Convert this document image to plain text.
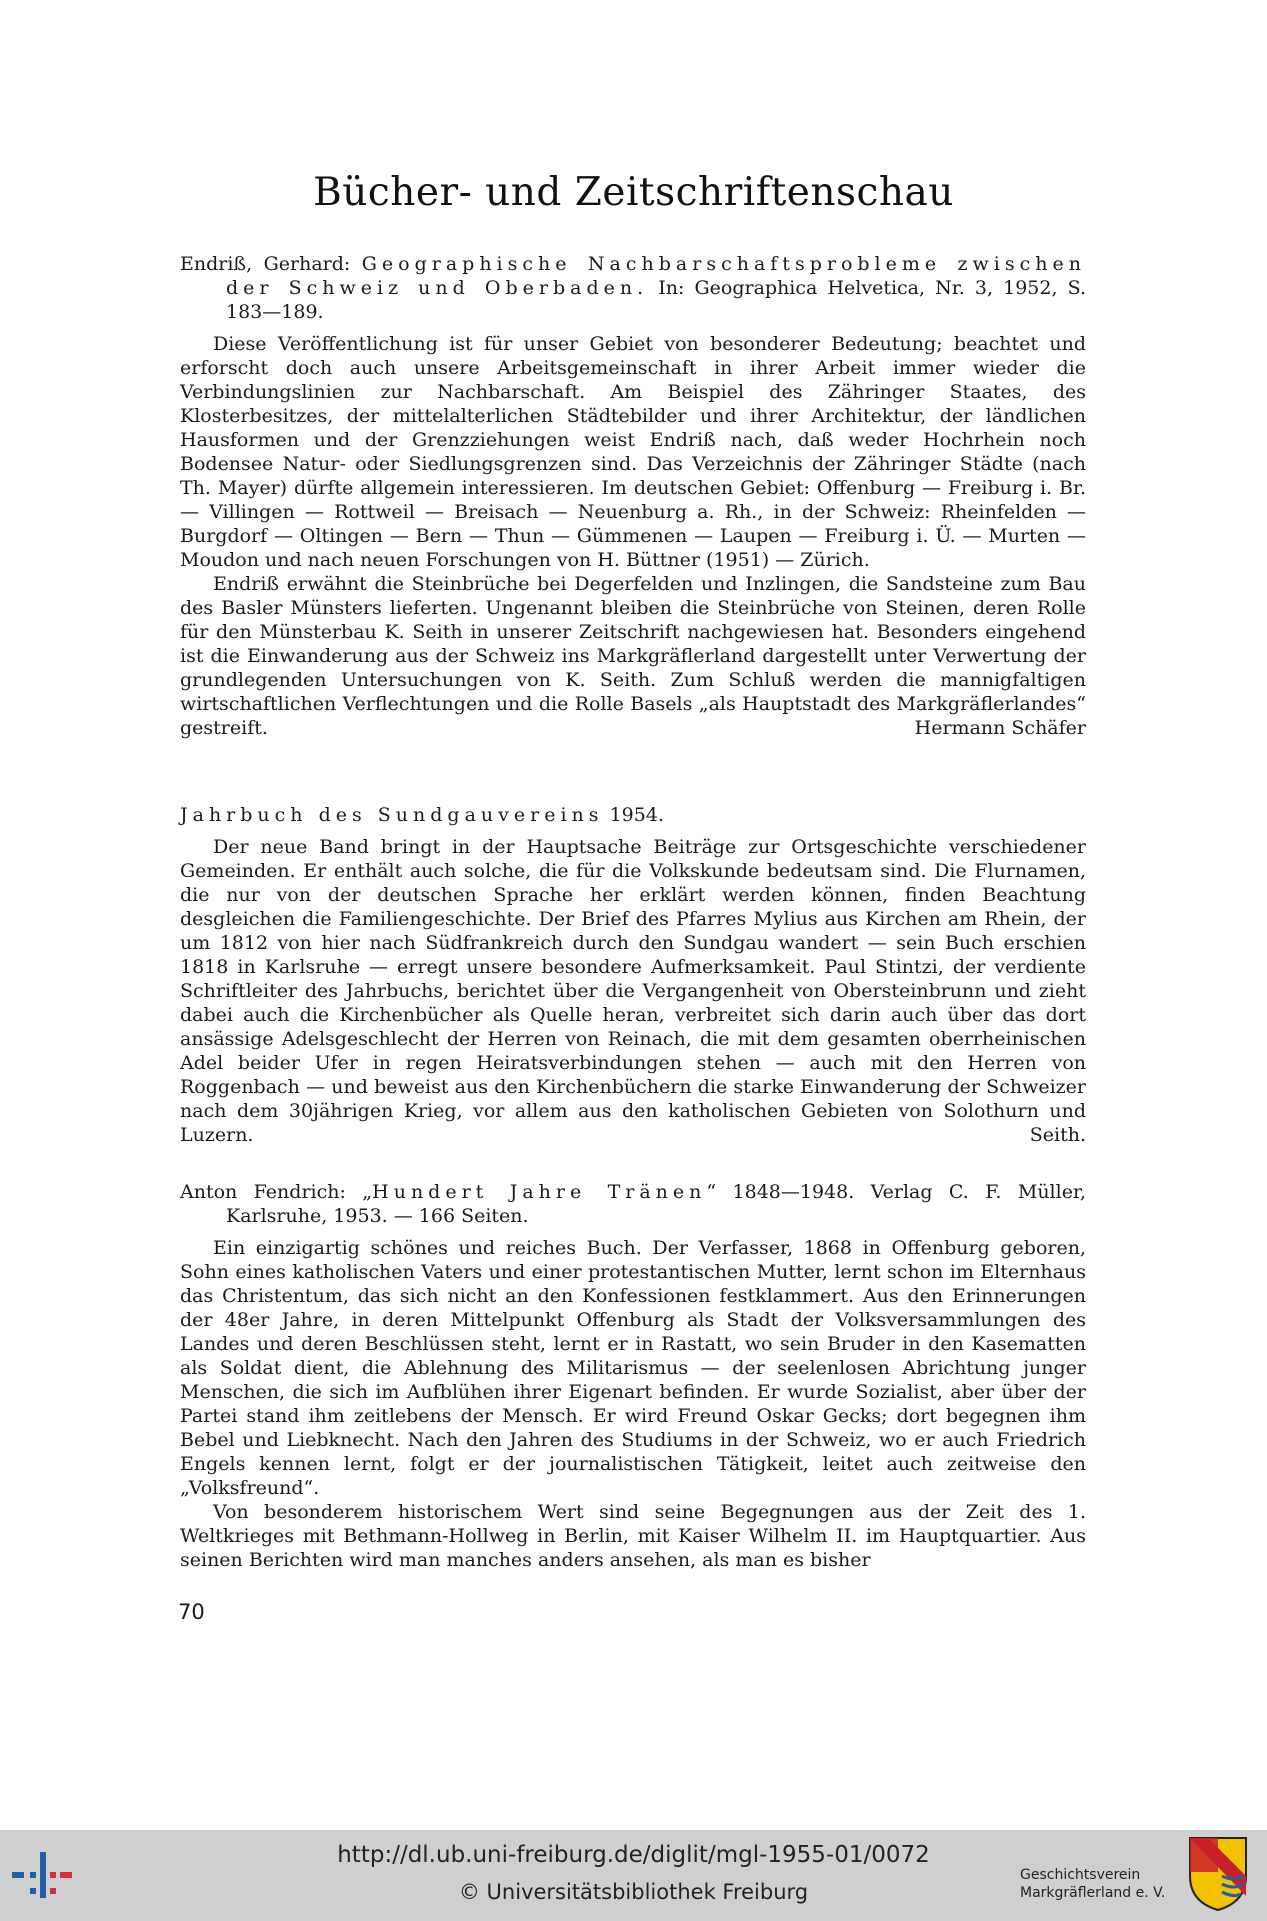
Bücher- und Zeitschriftenschau

Endriß, Gerhard: Geographische Nachbarschaftsprobleme zwischen der Schweiz und Oberbaden. In: Geographica Helvetica, Nr. 3, 1952, S. 183—189.

Diese Veröffentlichung ist für unser Gebiet von besonderer Bedeutung; beachtet und erforscht doch auch unsere Arbeitsgemeinschaft in ihrer Arbeit immer wieder die Verbindungslinien zur Nachbarschaft. Am Beispiel des Zähringer Staates, des Klosterbesitzes, der mittelalterlichen Städtebilder und ihrer Architektur, der ländlichen Hausformen und der Grenzziehungen weist Endriß nach, daß weder Hochrhein noch Bodensee Natur- oder Siedlungsgrenzen sind. Das Verzeichnis der Zähringer Städte (nach Th. Mayer) dürfte allgemein interessieren. Im deutschen Gebiet: Offenburg — Freiburg i. Br. — Villingen — Rottweil — Breisach — Neuenburg a. Rh., in der Schweiz: Rheinfelden — Burgdorf — Oltingen — Bern — Thun — Gümmenen — Laupen — Freiburg i. Ü. — Murten — Moudon und nach neuen Forschungen von H. Büttner (1951) — Zürich.

Endriß erwähnt die Steinbrüche bei Degerfelden und Inzlingen, die Sandsteine zum Bau des Basler Münsters lieferten. Ungenannt bleiben die Steinbrüche von Steinen, deren Rolle für den Münsterbau K. Seith in unserer Zeitschrift nachgewiesen hat. Besonders eingehend ist die Einwanderung aus der Schweiz ins Markgräflerland dargestellt unter Verwertung der grundlegenden Untersuchungen von K. Seith. Zum Schluß werden die mannigfaltigen wirtschaftlichen Verflechtungen und die Rolle Basels „als Hauptstadt des Markgräflerlandes“ gestreift.	Hermann Schäfer

Jahrbuch des Sundgauvereins 1954.

Der neue Band bringt in der Hauptsache Beiträge zur Ortsgeschichte verschiedener Gemeinden. Er enthält auch solche, die für die Volkskunde bedeutsam sind. Die Flurnamen, die nur von der deutschen Sprache her erklärt werden können, finden Beachtung desgleichen die Familiengeschichte. Der Brief des Pfarres Mylius aus Kirchen am Rhein, der um 1812 von hier nach Südfrankreich durch den Sundgau wandert — sein Buch erschien 1818 in Karlsruhe — erregt unsere besondere Aufmerksamkeit. Paul Stintzi, der verdiente Schriftleiter des Jahrbuchs, berichtet über die Vergangenheit von Obersteinbrunn und zieht dabei auch die Kirchenbücher als Quelle heran, verbreitet sich darin auch über das dort ansässige Adelsgeschlecht der Herren von Reinach, die mit dem gesamten oberrheinischen Adel beider Ufer in regen Heiratsverbindungen stehen — auch mit den Herren von Roggenbach — und beweist aus den Kirchenbüchern die starke Einwanderung der Schweizer nach dem 30jährigen Krieg, vor allem aus den katholischen Gebieten von Solothurn und Luzern.	Seith.

Anton Fendrich: „Hundert Jahre Tränen“ 1848—1948. Verlag C. F. Müller, Karlsruhe, 1953. — 166 Seiten.

Ein einzigartig schönes und reiches Buch. Der Verfasser, 1868 in Offenburg geboren, Sohn eines katholischen Vaters und einer protestantischen Mutter, lernt schon im Elternhaus das Christentum, das sich nicht an den Konfessionen festklammert. Aus den Erinnerungen der 48er Jahre, in deren Mittelpunkt Offenburg als Stadt der Volksversammlungen des Landes und deren Beschlüssen steht, lernt er in Rastatt, wo sein Bruder in den Kasematten als Soldat dient, die Ablehnung des Militarismus — der seelenlosen Abrichtung junger Menschen, die sich im Aufblühen ihrer Eigenart befinden. Er wurde Sozialist, aber über der Partei stand ihm zeitlebens der Mensch. Er wird Freund Oskar Gecks; dort begegnen ihm Bebel und Liebknecht. Nach den Jahren des Studiums in der Schweiz, wo er auch Friedrich Engels kennen lernt, folgt er der journalistischen Tätigkeit, leitet auch zeitweise den „Volksfreund“.

Von besonderem historischem Wert sind seine Begegnungen aus der Zeit des 1. Weltkrieges mit Bethmann-Hollweg in Berlin, mit Kaiser Wilhelm II. im Hauptquartier. Aus seinen Berichten wird man manches anders ansehen, als man es bisher

70
http://dl.ub.uni-freiburg.de/diglit/mgl-1955-01/0072
© Universitätsbibliothek Freiburg
Geschichtsverein
Markgräflerland e. V.
